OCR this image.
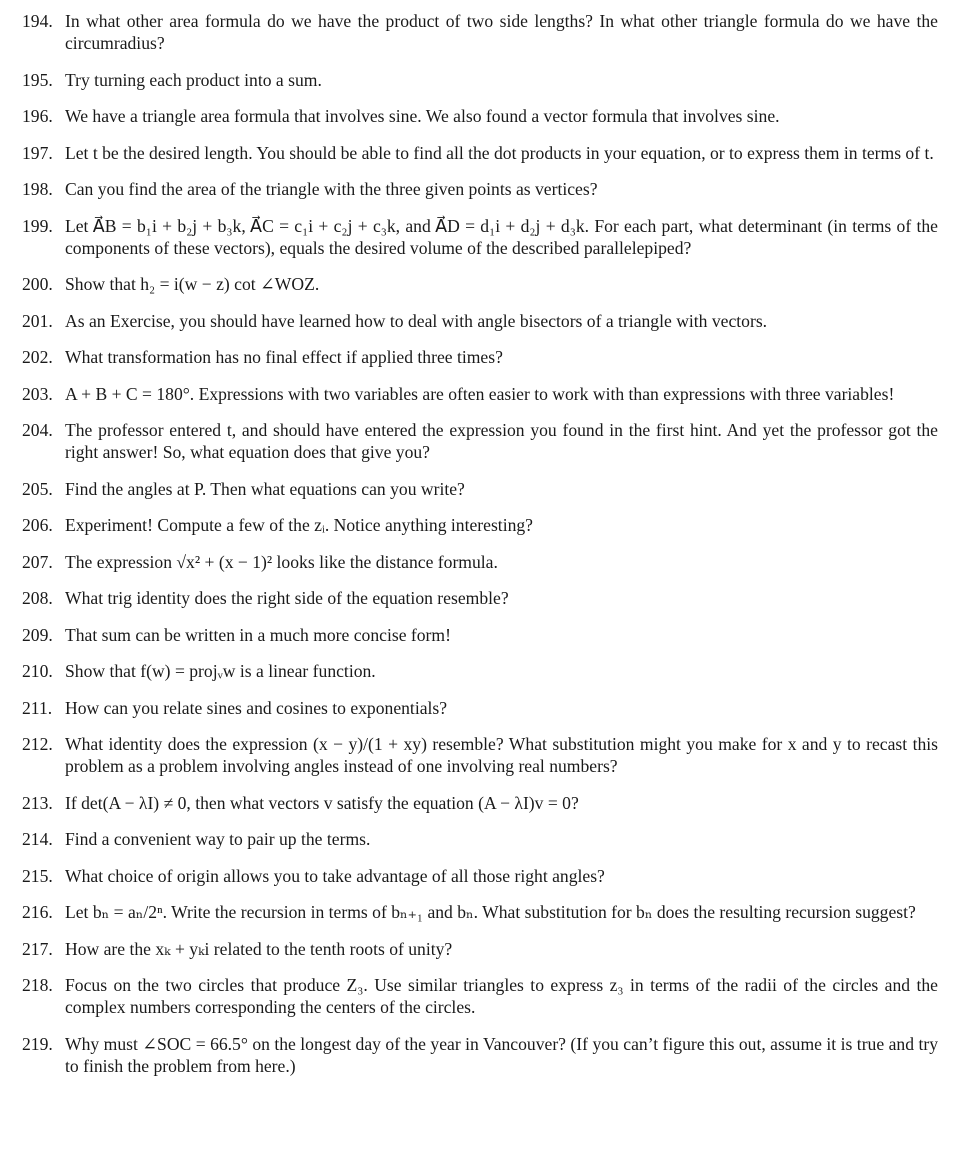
194. In what other area formula do we have the product of two side lengths? In what other triangle formula do we have the circumradius?
195. Try turning each product into a sum.
196. We have a triangle area formula that involves sine. We also found a vector formula that involves sine.
197. Let t be the desired length. You should be able to find all the dot products in your equation, or to express them in terms of t.
198. Can you find the area of the triangle with the three given points as vertices?
199. Let A⃗B = b₁i + b₂j + b₃k, A⃗C = c₁i + c₂j + c₃k, and A⃗D = d₁i + d₂j + d₃k. For each part, what determinant (in terms of the components of these vectors), equals the desired volume of the described parallelepiped?
200. Show that h₂ = i(w − z) cot ∠WOZ.
201. As an Exercise, you should have learned how to deal with angle bisectors of a triangle with vectors.
202. What transformation has no final effect if applied three times?
203. A + B + C = 180°. Expressions with two variables are often easier to work with than expressions with three variables!
204. The professor entered t, and should have entered the expression you found in the first hint. And yet the professor got the right answer! So, what equation does that give you?
205. Find the angles at P. Then what equations can you write?
206. Experiment! Compute a few of the zᵢ. Notice anything interesting?
207. The expression √x² + (x − 1)² looks like the distance formula.
208. What trig identity does the right side of the equation resemble?
209. That sum can be written in a much more concise form!
210. Show that f(w) = projᵥw is a linear function.
211. How can you relate sines and cosines to exponentials?
212. What identity does the expression (x − y)/(1 + xy) resemble? What substitution might you make for x and y to recast this problem as a problem involving angles instead of one involving real numbers?
213. If det(A − λI) ≠ 0, then what vectors v satisfy the equation (A − λI)v = 0?
214. Find a convenient way to pair up the terms.
215. What choice of origin allows you to take advantage of all those right angles?
216. Let bₙ = aₙ/2ⁿ. Write the recursion in terms of bₙ₊₁ and bₙ. What substitution for bₙ does the resulting recursion suggest?
217. How are the xₖ + yₖi related to the tenth roots of unity?
218. Focus on the two circles that produce Z₃. Use similar triangles to express z₃ in terms of the radii of the circles and the complex numbers corresponding the centers of the circles.
219. Why must ∠SOC = 66.5° on the longest day of the year in Vancouver? (If you can’t figure this out, assume it is true and try to finish the problem from here.)
